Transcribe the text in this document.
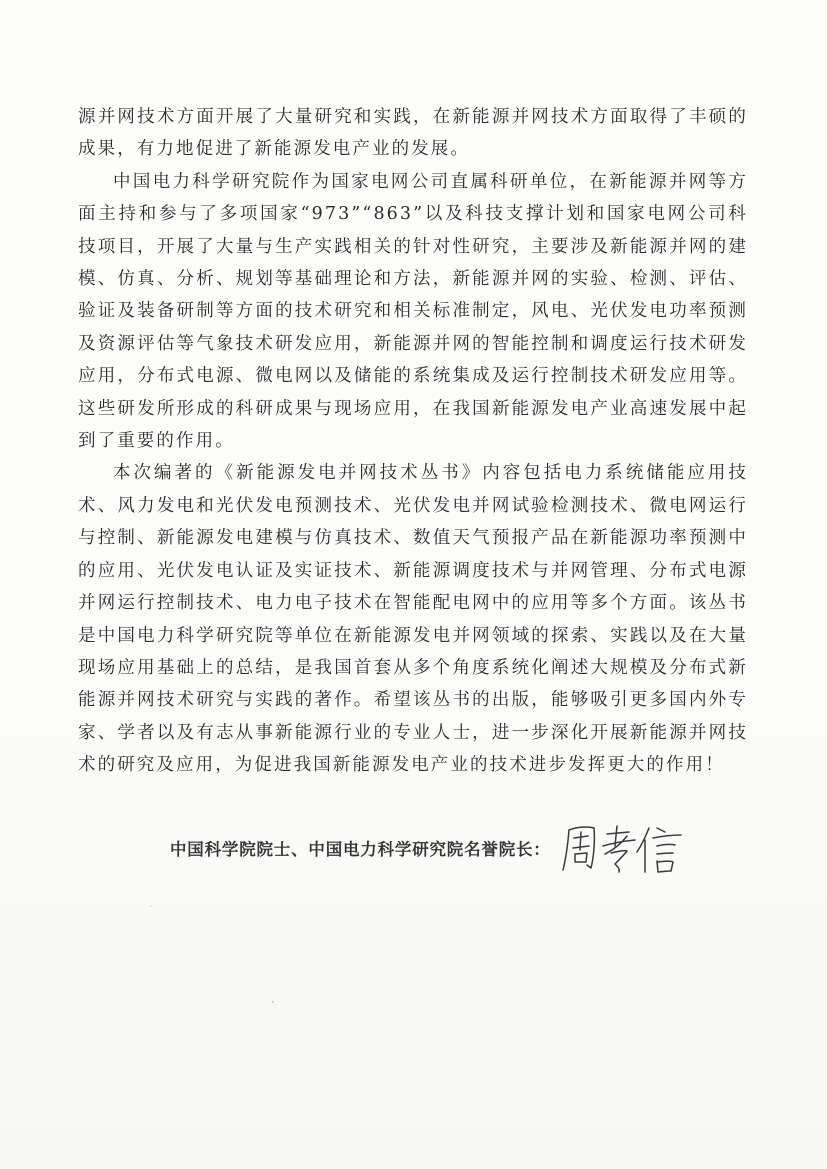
源并网技术方面开展了大量研究和实践，在新能源并网技术方面取得了丰硕的成果，有力地促进了新能源发电产业的发展。

中国电力科学研究院作为国家电网公司直属科研单位，在新能源并网等方面主持和参与了多项国家“973”“863”以及科技支撑计划和国家电网公司科技项目，开展了大量与生产实践相关的针对性研究，主要涉及新能源并网的建模、仿真、分析、规划等基础理论和方法，新能源并网的实验、检测、评估、验证及装备研制等方面的技术研究和相关标准制定，风电、光伏发电功率预测及资源评估等气象技术研发应用，新能源并网的智能控制和调度运行技术研发应用，分布式电源、微电网以及储能的系统集成及运行控制技术研发应用等。这些研发所形成的科研成果与现场应用，在我国新能源发电产业高速发展中起到了重要的作用。

本次编著的《新能源发电并网技术丛书》内容包括电力系统储能应用技术、风力发电和光伏发电预测技术、光伏发电并网试验检测技术、微电网运行与控制、新能源发电建模与仿真技术、数值天气预报产品在新能源功率预测中的应用、光伏发电认证及实证技术、新能源调度技术与并网管理、分布式电源并网运行控制技术、电力电子技术在智能配电网中的应用等多个方面。该丛书是中国电力科学研究院等单位在新能源发电并网领域的探索、实践以及在大量现场应用基础上的总结，是我国首套从多个角度系统化阐述大规模及分布式新能源并网技术研究与实践的著作。希望该丛书的出版，能够吸引更多国内外专家、学者以及有志从事新能源行业的专业人士，进一步深化开展新能源并网技术的研究及应用，为促进我国新能源发电产业的技术进步发挥更大的作用！

中国科学院院士、中国电力科学研究院名誉院长：
